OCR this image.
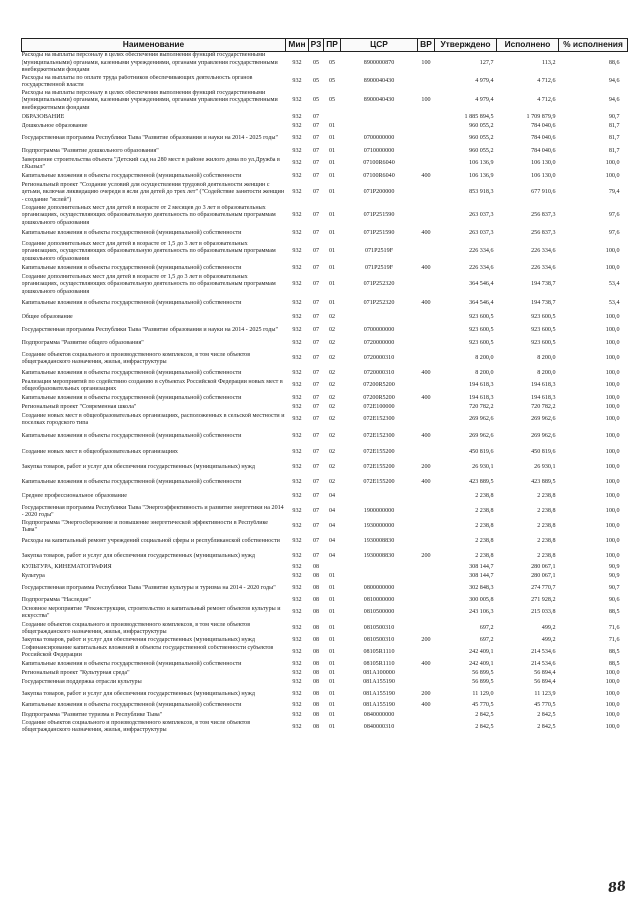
Наименование	Мин	РЗ	ПР	ЦСР	ВР	Утверждено	Исполнено	% исполнения
Расходы на выплаты персоналу в целях обеспечения выполнения функций государственными (муниципальными) органами, казенными учреждениями, органами управления государственными внебюджетными фондами	932	05	05	8900000870	100	127,7	113,2	88,6
Расходы на выплаты по оплате труда работников обеспечивающих деятельность органов государственной власти	932	05	05	8900040430		4 979,4	4 712,6	94,6
Расходы на выплаты персоналу в целях обеспечения выполнения функций государственными (муниципальными) органами, казенными учреждениями, органами управления государственными внебюджетными фондами	932	05	05	8900040430	100	4 979,4	4 712,6	94,6
ОБРАЗОВАНИЕ	932	07				1 885 894,5	1 709 879,9	90,7
Дошкольное образование	932	07	01			960 055,2	784 040,6	81,7
Государственная программа Республики Тыва "Развитие образования и науки на 2014 - 2025 годы"	932	07	01	0700000000		960 055,2	784 040,6	81,7
Подпрограмма "Развитие дошкольного образования"	932	07	01	0710000000		960 055,2	784 040,6	81,7
Завершение строительства объекта "Детский сад на 280 мест в районе жилого дома по ул.Дружба в г.Кызыл"	932	07	01	07100R6040		106 136,9	106 130,0	100,0
Капитальные вложения в объекты государственной (муниципальной) собственности	932	07	01	07100R6040	400	106 136,9	106 130,0	100,0
Региональный проект "Создание условий для осуществления трудовой деятельности женщин с детьми, включая ликвидацию очереди в ясли для детей до трех лет" ("Содействие занятости женщин - создание "яслей")	932	07	01	071P200000		853 918,3	677 910,6	79,4
Создание дополнительных мест для детей в возрасте от 2 месяцев до 3 лет в образовательных организациях, осуществляющих образовательную деятельность по образовательным программам дошкольного образования	932	07	01	071P251590		263 037,3	256 837,3	97,6
Капитальные вложения в объекты государственной (муниципальной) собственности	932	07	01	071P251590	400	263 037,3	256 837,3	97,6
Создание дополнительных мест для детей в возрасте от 1,5 до 3 лет в образовательных организациях, осуществляющих образовательную деятельность по образовательным программам дошкольного образования	932	07	01	071P2519F		226 334,6	226 334,6	100,0
Капитальные вложения в объекты государственной (муниципальной) собственности	932	07	01	071P2519F	400	226 334,6	226 334,6	100,0
Создание дополнительных мест для детей в возрасте от 1,5 до 3 лет в образовательных организациях, осуществляющих образовательную деятельность по образовательным программам дошкольного образования	932	07	01	071P252320		364 546,4	194 738,7	53,4
Капитальные вложения в объекты государственной (муниципальной) собственности	932	07	01	071P252320	400	364 546,4	194 738,7	53,4
Общее образование	932	07	02			923 600,5	923 600,5	100,0
Государственная программа Республики Тыва "Развитие образования и науки на 2014 - 2025 годы"	932	07	02	0700000000		923 600,5	923 600,5	100,0
Подпрограмма "Развитие общего образования"	932	07	02	0720000000		923 600,5	923 600,5	100,0
Создание объектов социального и производственного комплексов, в том числе объектов общегражданского назначения, жилья, инфраструктуры	932	07	02	0720000310		8 200,0	8 200,0	100,0
Капитальные вложения в объекты государственной (муниципальной) собственности	932	07	02	0720000310	400	8 200,0	8 200,0	100,0
Реализация мероприятий по содействию созданию в субъектах Российской Федерации новых мест в общеобразовательных организациях	932	07	02	07200R5200		194 618,3	194 618,3	100,0
Капитальные вложения в объекты государственной (муниципальной) собственности	932	07	02	07200R5200	400	194 618,3	194 618,3	100,0
Региональный проект "Современная школа"	932	07	02	072E100000		720 782,2	720 782,2	100,0
Создание новых мест в общеобразовательных организациях, расположенных в сельской местности и поселках городского типа	932	07	02	072E152300		269 962,6	269 962,6	100,0
Капитальные вложения в объекты государственной (муниципальной) собственности	932	07	02	072E152300	400	269 962,6	269 962,6	100,0
Создание новых мест в общеобразовательных организациях	932	07	02	072E155200		450 819,6	450 819,6	100,0
Закупка товаров, работ и услуг для обеспечения государственных (муниципальных) нужд	932	07	02	072E155200	200	26 930,1	26 930,1	100,0
Капитальные вложения в объекты государственной (муниципальной) собственности	932	07	02	072E155200	400	423 889,5	423 889,5	100,0
Среднее профессиональное образование	932	07	04			2 238,8	2 238,8	100,0
Государственная программа Республики Тыва "Энергоэффективность и развитие энергетики на 2014 - 2020 годы"	932	07	04	1900000000		2 238,8	2 238,8	100,0
Подпрограмма "Энергосбережение и повышение энергетической эффективности в Республике Тыва"	932	07	04	1930000000		2 238,8	2 238,8	100,0
Расходы на капитальный ремонт учреждений социальной сферы и республиканской собственности	932	07	04	1930008830		2 238,8	2 238,8	100,0
Закупка товаров, работ и услуг для обеспечения государственных (муниципальных) нужд	932	07	04	1930008830	200	2 238,8	2 238,8	100,0
КУЛЬТУРА, КИНЕМАТОГРАФИЯ	932	08				308 144,7	280 067,1	90,9
Культура	932	08	01			308 144,7	280 067,1	90,9
Государственная программа Республики Тыва "Развитие культуры и туризма на 2014 - 2020 годы"	932	08	01	0800000000		302 848,3	274 770,7	90,7
Подпрограмма "Наследие"	932	08	01	0810000000		300 005,8	271 928,2	90,6
Основное мероприятие "Реконструкция, строительство и капитальный ремонт объектов культуры и искусства"	932	08	01	0810500000		243 106,3	215 033,8	88,5
Создание объектов социального и производственного комплексов, в том числе объектов общегражданского назначения, жилья, инфраструктуры	932	08	01	0810500310		697,2	499,2	71,6
Закупка товаров, работ и услуг для обеспечения государственных (муниципальных) нужд	932	08	01	0810500310	200	697,2	499,2	71,6
Софинансирование капитальных вложений в объекты государственной собственности субъектов Российской Федерации	932	08	01	08105R1110		242 409,1	214 534,6	88,5
Капитальные вложения в объекты государственной (муниципальной) собственности	932	08	01	08105R1110	400	242 409,1	214 534,6	88,5
Региональный проект "Культурная среда"	932	08	01	081A100000		56 899,5	56 894,4	100,0
Государственная поддержка отрасли культуры	932	08	01	081A155190		56 899,5	56 894,4	100,0
Закупка товаров, работ и услуг для обеспечения государственных (муниципальных) нужд	932	08	01	081A155190	200	11 129,0	11 123,9	100,0
Капитальные вложения в объекты государственной (муниципальной) собственности	932	08	01	081A155190	400	45 770,5	45 770,5	100,0
Подпрограмма "Развитие туризма в Республике Тыва"	932	08	01	0840000000		2 842,5	2 842,5	100,0
Создание объектов социального и производственного комплексов, в том числе объектов общегражданского назначения, жилья, инфраструктуры	932	08	01	0840000310		2 842,5	2 842,5	100,0
88
